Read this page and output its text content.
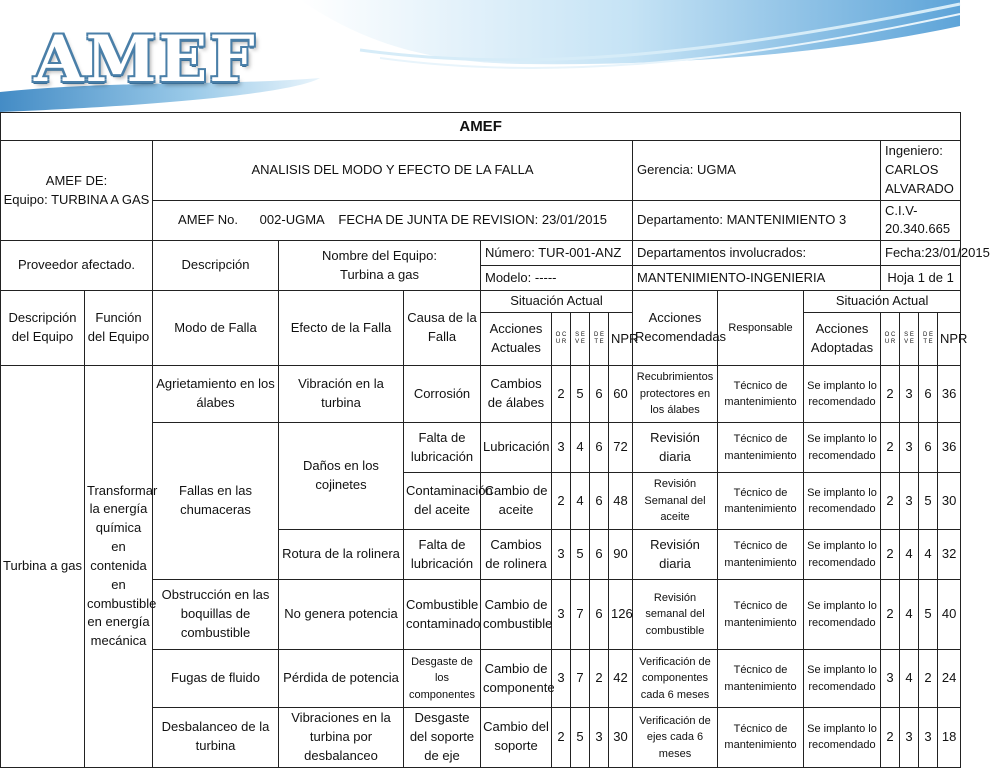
AMEF
AMEF																

AMEF DE:
Equipo: TURBINA A GAS		ANALISIS DEL MODO Y EFECTO DE LA FALLA								Gerencia: UGMA			Ingeniero: CARLOS ALVARADO			
		AMEF No.      002-UGMA    FECHA DE JUNTA DE REVISION: 23/01/2015								Departamento: MANTENIMIENTO 3			C.I.V-20.340.665			
Proveedor afectado.		Descripción	Nombre del Equipo:
Turbina a gas		Número: TUR-001-ANZ					Departamentos involucrados:			Fecha:23/01/2015			
					Modelo: -----					MANTENIMIENTO-INGENIERIA			Hoja 1 de 1			
Descripción del Equipo	Función del Equipo	Modo de Falla	Efecto de la Falla	Causa de la Falla	Situación Actual					Acciones Recomendadas	Responsable	Situación Actual				
					Acciones Actuales	O C U R	S E V E	D E T E	NPR			Acciones Adoptadas	O C U R	S E V E	D E T E	NPR
Turbina a gas	Transformar la energía química en contenida en combustible en energía mecánica	Agrietamiento en los álabes	Vibración en la turbina	Corrosión	Cambios de álabes	2	5	6	60	Recubrimientos protectores en los álabes	Técnico de mantenimiento	Se implanto lo recomendado	2	3	6	36
		Fallas en las chumaceras	Daños en los cojinetes	Falta de lubricación	Lubricación	3	4	6	72	Revisión diaria	Técnico de mantenimiento	Se implanto lo recomendado	2	3	6	36
				Contaminación del aceite	Cambio de aceite	2	4	6	48	Revisión Semanal del aceite	Técnico de mantenimiento	Se implanto lo recomendado	2	3	5	30
			Rotura de la rolinera	Falta de lubricación	Cambios de rolinera	3	5	6	90	Revisión diaria	Técnico de mantenimiento	Se implanto lo recomendado	2	4	4	32
		Obstrucción en las boquillas de combustible	No genera potencia	Combustible contaminado	Cambio de combustible	3	7	6	126	Revisión semanal del combustible	Técnico de mantenimiento	Se implanto lo recomendado	2	4	5	40
		Fugas de fluido	Pérdida de potencia	Desgaste de los componentes	Cambio de componente	3	7	2	42	Verificación de componentes cada 6 meses	Técnico de mantenimiento	Se implanto lo recomendado	3	4	2	24
		Desbalanceo de la turbina	Vibraciones en la turbina por desbalanceo	Desgaste del soporte de eje	Cambio del soporte	2	5	3	30	Verificación de ejes cada 6 meses	Técnico de mantenimiento	Se implanto lo recomendado	2	3	3	18
